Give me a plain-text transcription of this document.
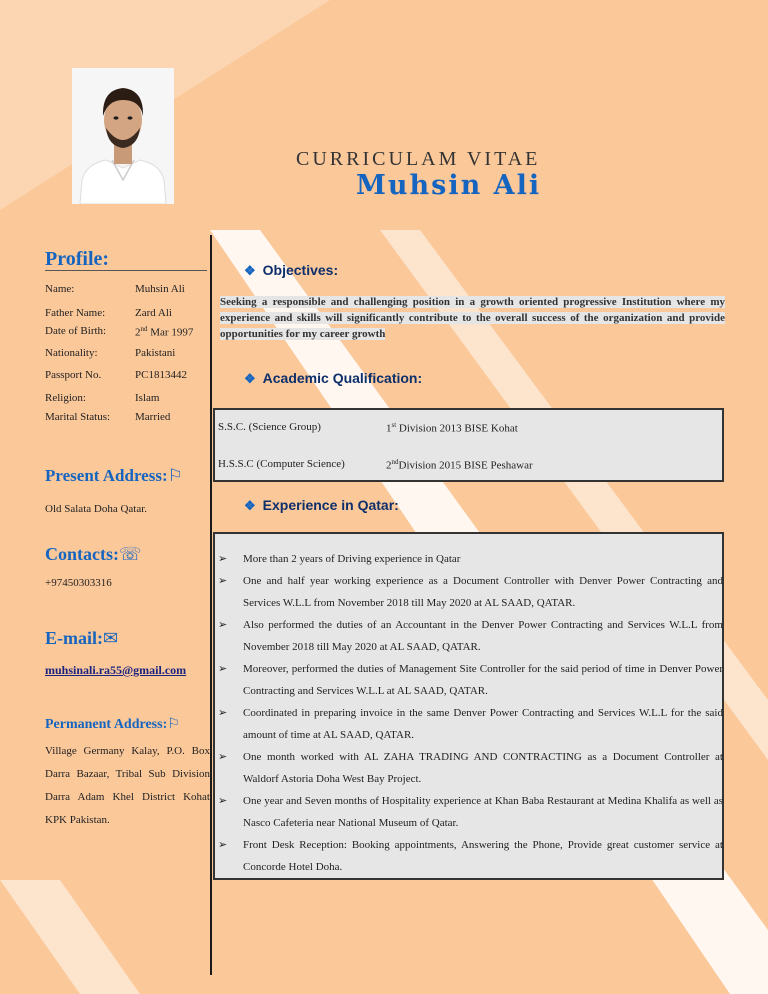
CURRICULAM VITAE
Muhsin Ali
Profile:
Name:	Muhsin Ali
Father Name:	Zard Ali
Date of Birth:	2nd Mar 1997
Nationality:	Pakistani
Passport No.	PC1813442
Religion:	Islam
Marital Status: Married
Present Address:⚐
Old Salata Doha Qatar.
Contacts:☏
+97450303316
E-mail:✉
muhsinali.ra55@gmail.com
Permanent Address:⚐
Village Germany Kalay, P.O. Box Darra Bazaar, Tribal Sub Division Darra Adam Khel District Kohat KPK Pakistan.
❖ Objectives:
Seeking a responsible and challenging position in a growth oriented progressive Institution where my experience and skills will significantly contribute to the overall success of the organization and provide opportunities for my career growth
❖ Academic Qualification:
S.S.C. (Science Group)	1st Division 2013 BISE Kohat
H.S.S.C (Computer Science)	2ndDivision 2015 BISE Peshawar
❖ Experience in Qatar:
➢ More than 2 years of Driving experience in Qatar
➢ One and half year working experience as a Document Controller with Denver Power Contracting and Services W.L.L from November 2018 till May 2020 at AL SAAD, QATAR.
➢ Also performed the duties of an Accountant in the Denver Power Contracting and Services W.L.L from November 2018 till May 2020 at AL SAAD, QATAR.
➢ Moreover, performed the duties of Management Site Controller for the said period of time in Denver Power Contracting and Services W.L.L at AL SAAD, QATAR.
➢ Coordinated in preparing invoice in the same Denver Power Contracting and Services W.L.L for the said amount of time at AL SAAD, QATAR.
➢ One month worked with AL ZAHA TRADING AND CONTRACTING as a Document Controller at Waldorf Astoria Doha West Bay Project.
➢ One year and Seven months of Hospitality experience at Khan Baba Restaurant at Medina Khalifa as well as Nasco Cafeteria near National Museum of Qatar.
➢ Front Desk Reception: Booking appointments, Answering the Phone, Provide great customer service at Concorde Hotel Doha.
